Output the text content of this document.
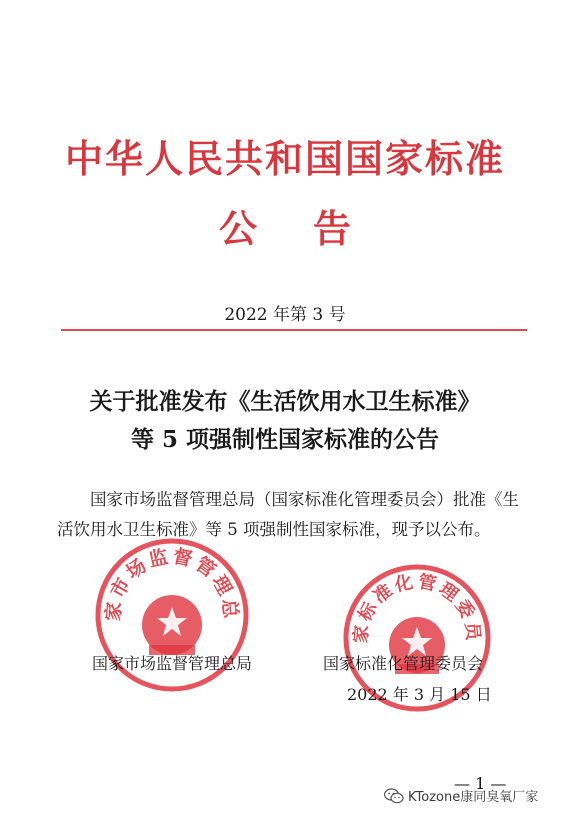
中华人民共和国国家标准
公告
2022 年第 3 号
关于批准发布《生活饮用水卫生标准》
等 5 项强制性国家标准的公告
国家市场监督管理总局（国家标准化管理委员会）批准《生活饮用水卫生标准》等 5 项强制性国家标准，现予以公布。
家市场监督管理总
家标准化管理委员
国家市场监督管理总局	国家标准化管理委员会
2022 年 3 月 15 日
— 1 —
KTozone康同臭氧厂家
